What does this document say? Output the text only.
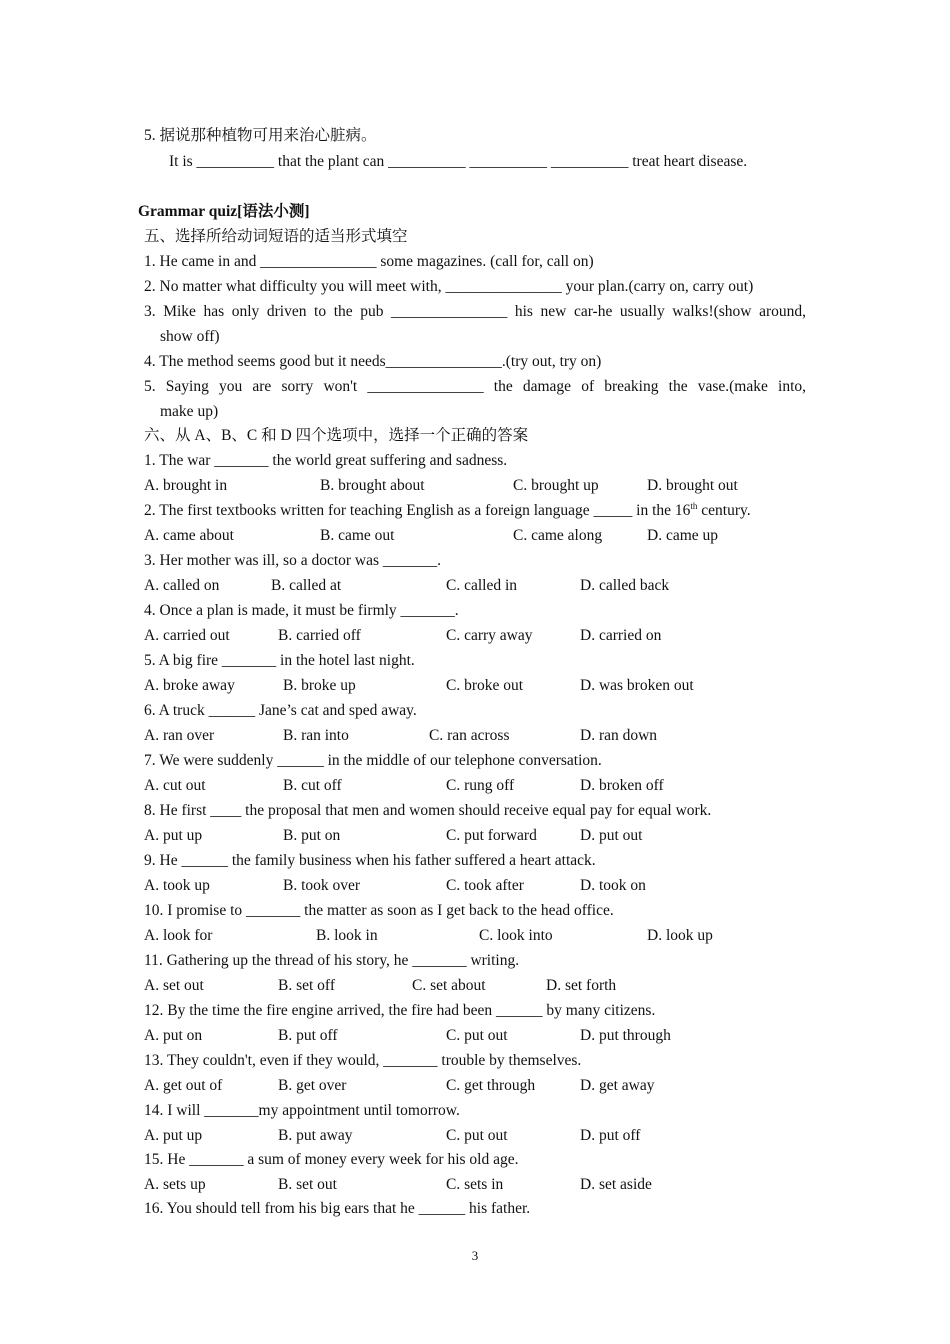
5. 据说那种植物可用来治心脏病。
It is __________ that the plant can __________ __________ __________ treat heart disease.
Grammar quiz[语法小测]
五、选择所给动词短语的适当形式填空
1. He came in and _______________ some magazines. (call for, call on)
2. No matter what difficulty you will meet with, _______________ your plan.(carry on, carry out)
3. Mike has only driven to the pub _______________ his new car-he usually walks!(show around,
show off)
4. The method seems good but it needs_______________.(try out, try on)
5. Saying you are sorry won't _______________ the damage of breaking the vase.(make into,
make up)
六、从 A、B、C 和 D 四个选项中，选择一个正确的答案
1. The war _______ the world great suffering and sadness.
A. brought in	B. brought about	C. brought up	D. brought out
2. The first textbooks written for teaching English as a foreign language _____ in the 16th century.
A. came about	B. came out	C. came along	D. came up
3. Her mother was ill, so a doctor was _______.
A. called on	B. called at	C. called in	D. called back
4. Once a plan is made, it must be firmly _______.
A. carried out	B. carried off	C. carry away	D. carried on
5. A big fire _______ in the hotel last night.
A. broke away	B. broke up	C. broke out	D. was broken out
6. A truck ______ Jane’s cat and sped away.
A. ran over	B. ran into	C. ran across	D. ran down
7. We were suddenly ______ in the middle of our telephone conversation.
A. cut out	B. cut off	C. rung off	D. broken off
8. He first ____ the proposal that men and women should receive equal pay for equal work.
A. put up	B. put on	C. put forward	D. put out
9. He ______ the family business when his father suffered a heart attack.
A. took up	B. took over	C. took after	D. took on
10. I promise to _______ the matter as soon as I get back to the head office.
A. look for	B. look in	C. look into	D. look up
11. Gathering up the thread of his story, he _______ writing.
A. set out	B. set off	C. set about	D. set forth
12. By the time the fire engine arrived, the fire had been ______ by many citizens.
A. put on	B. put off	C. put out	D. put through
13. They couldn't, even if they would, _______ trouble by themselves.
A. get out of	B. get over	C. get through	D. get away
14. I will _______my appointment until tomorrow.
A. put up	B. put away	C. put out	D. put off
15. He _______ a sum of money every week for his old age.
A. sets up	B. set out	C. sets in	D. set aside
16. You should tell from his big ears that he ______ his father.
3
